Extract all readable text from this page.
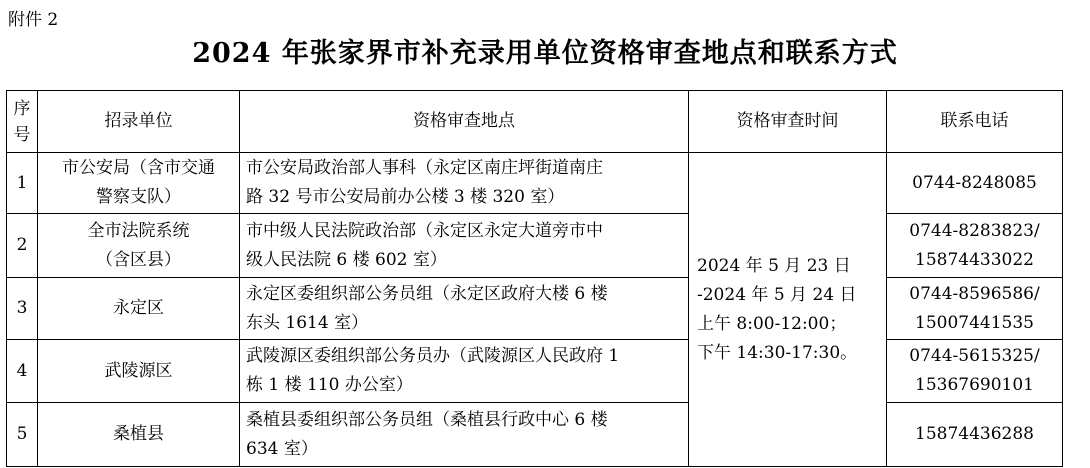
附件 2
2024 年张家界市补充录用单位资格审查地点和联系方式
序
号	招录单位	资格审查地点	资格审查时间	联系电话
1	市公安局（含市交通
警察支队）	市公安局政治部人事科（永定区南庄坪街道南庄
路 32 号市公安局前办公楼 3 楼 320 室）	2024 年 5 月 23 日
-2024 年 5 月 24 日
上午 8:00-12:00；
下午 14:30-17:30。	0744-8248085

2	全市法院系统
（含区县）	市中级人民法院政治部（永定区永定大道旁市中
级人民法院 6 楼 602 室）		0744-8283823/
15874433022

3	永定区	永定区委组织部公务员组（永定区政府大楼 6 楼
东头 1614 室）		0744-8596586/
15007441535

4	武陵源区	武陵源区委组织部公务员办（武陵源区人民政府 1
栋 1 楼 110 办公室）		0744-5615325/
15367690101

5	桑植县	桑植县委组织部公务员组（桑植县行政中心 6 楼
634 室）		15874436288
